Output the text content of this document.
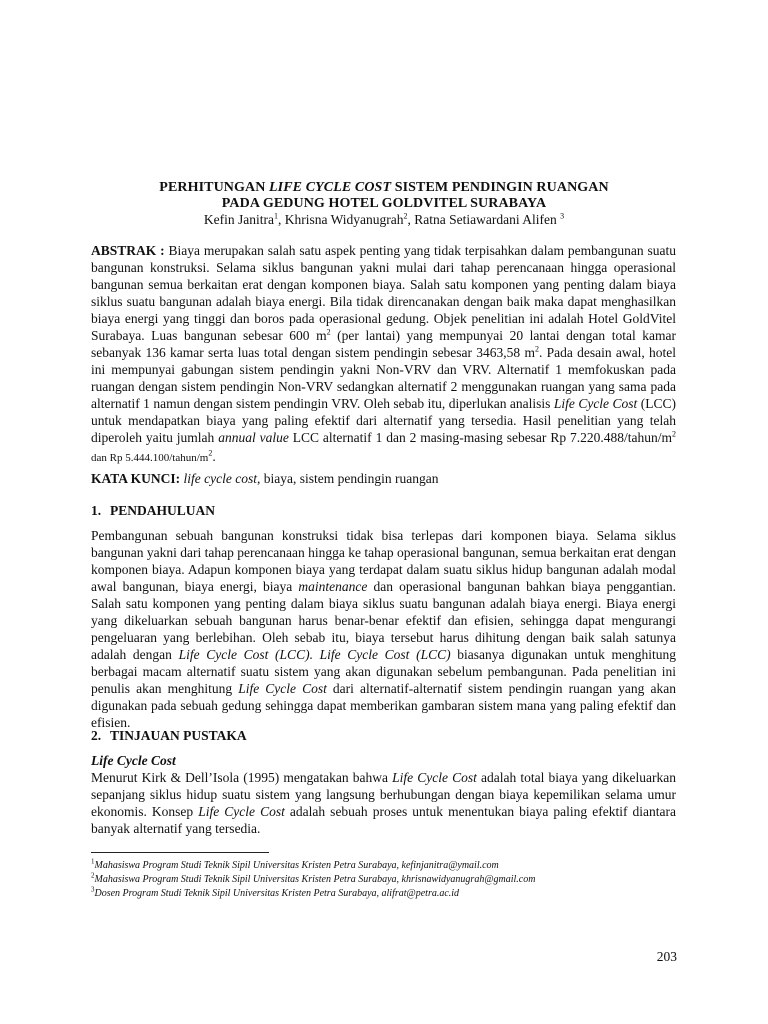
PERHITUNGAN LIFE CYCLE COST SISTEM PENDINGIN RUANGAN
PADA GEDUNG HOTEL GOLDVITEL SURABAYA
Kefin Janitra$^1$, Khrisna Widyanugrah$^2$, Ratna Setiawardani Alifen $^3$

ABSTRAK : Biaya merupakan salah satu aspek penting yang tidak terpisahkan dalam pembangunan suatu bangunan konstruksi. Selama siklus bangunan yakni mulai dari tahap perencanaan hingga operasional bangunan semua berkaitan erat dengan komponen biaya. Salah satu komponen yang penting dalam biaya siklus suatu bangunan adalah biaya energi. Bila tidak direncanakan dengan baik maka dapat menghasilkan biaya energi yang tinggi dan boros pada operasional gedung. Objek penelitian ini adalah Hotel GoldVitel Surabaya. Luas bangunan sebesar 600 $m^2$ (per lantai) yang mempunyai 20 lantai dengan total kamar sebanyak 136 kamar serta luas total dengan sistem pendingin sebesar 3463,58 $m^2$. Pada desain awal, hotel ini mempunyai gabungan sistem pendingin yakni Non-VRV dan VRV. Alternatif 1 memfokuskan pada ruangan dengan sistem pendingin Non-VRV sedangkan alternatif 2 menggunakan ruangan yang sama pada alternatif 1 namun dengan sistem pendingin VRV. Oleh sebab itu, diperlukan analisis Life Cycle Cost (LCC) untuk mendapatkan biaya yang paling efektif dari alternatif yang tersedia. Hasil penelitian yang telah diperoleh yaitu jumlah annual value LCC alternatif 1 dan 2 masing-masing sebesar Rp $7.220.488/tahun/m^2$ dan Rp $5.444.100/tahun/m^2$.

KATA KUNCI: life cycle cost, biaya, sistem pendingin ruangan
1. PENDAHULUAN

Pembangunan sebuah bangunan konstruksi tidak bisa terlepas dari komponen biaya. Selama siklus bangunan yakni dari tahap perencanaan hingga ke tahap operasional bangunan, semua berkaitan erat dengan komponen biaya. Adapun komponen biaya yang terdapat dalam suatu siklus hidup bangunan adalah modal awal bangunan, biaya energi, biaya maintenance dan operasional bangunan bahkan biaya penggantian. Salah satu komponen yang penting dalam biaya siklus suatu bangunan adalah biaya energi. Biaya energi yang dikeluarkan sebuah bangunan harus benar-benar efektif dan efisien, sehingga dapat mengurangi pengeluaran yang berlebihan. Oleh sebab itu, biaya tersebut harus dihitung dengan baik salah satunya adalah dengan Life Cycle Cost (LCC). Life Cycle Cost (LCC) biasanya digunakan untuk menghitung berbagai macam alternatif suatu sistem yang akan digunakan sebelum pembangunan. Pada penelitian ini penulis akan menghitung Life Cycle Cost dari alternatif-alternatif sistem pendingin ruangan yang akan digunakan pada sebuah gedung sehingga dapat memberikan gambaran sistem mana yang paling efektif dan efisien.

2. TINJAUAN PUSTAKA
Life Cycle Cost

Menurut Kirk & Dell’Isola (1995) mengatakan bahwa Life Cycle Cost adalah total biaya yang dikeluarkan sepanjang siklus hidup suatu sistem yang langsung berhubungan dengan biaya kepemilikan selama umur ekonomis. Konsep Life Cycle Cost adalah sebuah proses untuk menentukan biaya paling efektif diantara banyak alternatif yang tersedia.

$^1$Mahasiswa Program Studi Teknik Sipil Universitas Kristen Petra Surabaya, kefinjanitra@ymail.com
$^2$Mahasiswa Program Studi Teknik Sipil Universitas Kristen Petra Surabaya, khrisnawidyanugrah@gmail.com
$^3$Dosen Program Studi Teknik Sipil Universitas Kristen Petra Surabaya, alifrat@petra.ac.id
203
